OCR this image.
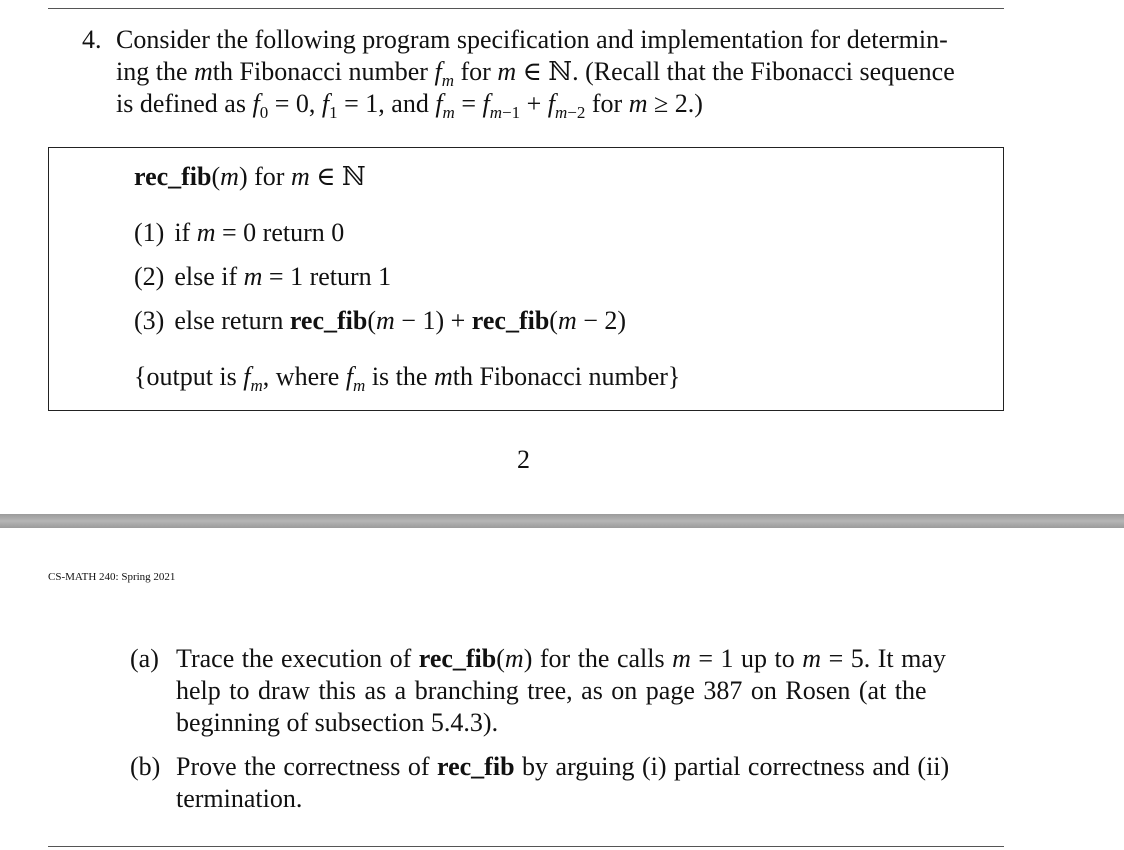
4. Consider the following program specification and implementation for determin-
ing the mth Fibonacci number $f_m$ for m ∈ ℕ. (Recall that the Fibonacci sequence
is defined as $f_0 = 0$, $f_1 = 1$, and $f_m = f_{m-1} + f_{m-2}$ for m ≥ 2.)
rec_fib(m) for m ∈ ℕ
(1) if m = 0 return 0
(2) else if m = 1 return 1
(3) else return rec_fib(m − 1) + rec_fib(m − 2)
{output is $f_m$, where $f_m$ is the mth Fibonacci number}
2
CS-MATH 240: Spring 2021
(a) Trace the execution of rec_fib(m) for the calls m = 1 up to m = 5. It may
help to draw this as a branching tree, as on page 387 on Rosen (at the
beginning of subsection 5.4.3).
(b) Prove the correctness of rec_fib by arguing (i) partial correctness and (ii)
termination.
